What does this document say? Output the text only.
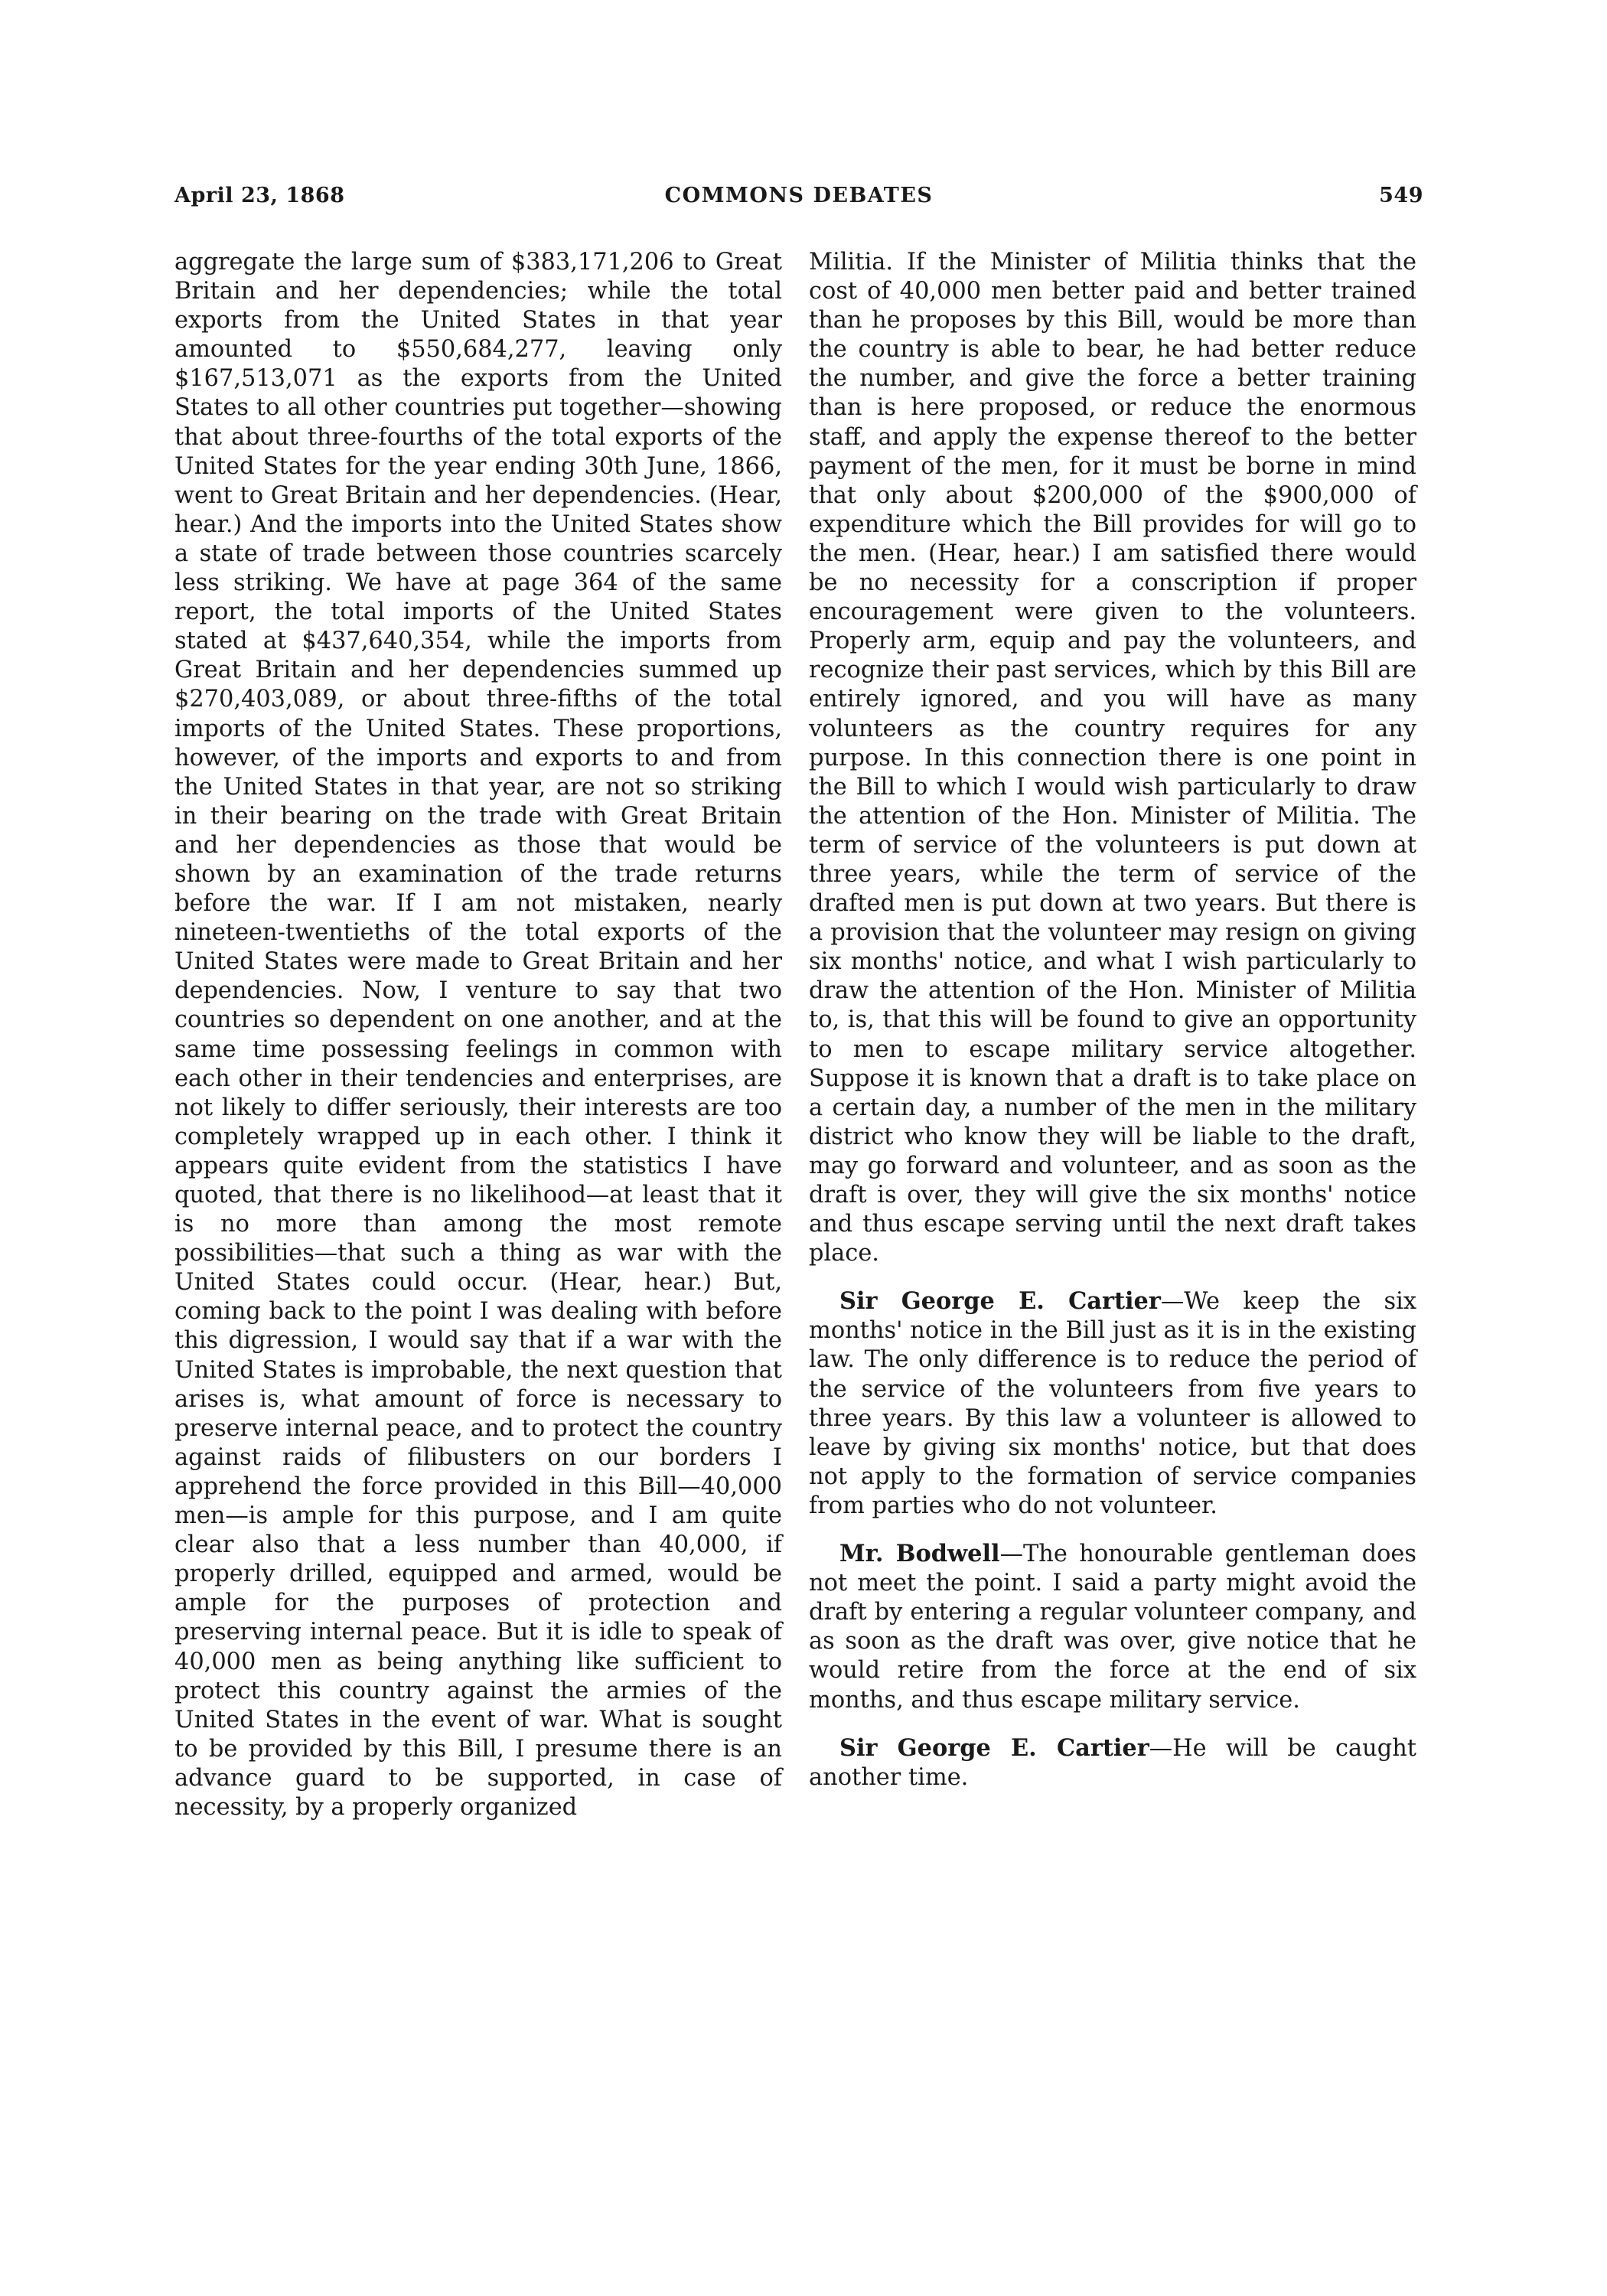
April 23, 1868	COMMONS DEBATES	549

aggregate the large sum of $383,171,206 to Great Britain and her dependencies; while the total exports from the United States in that year amounted to $550,684,277, leaving only $167,513,071 as the exports from the United States to all other countries put together—showing that about three-fourths of the total exports of the United States for the year ending 30th June, 1866, went to Great Britain and her dependencies. (Hear, hear.) And the imports into the United States show a state of trade between those countries scarcely less striking. We have at page 364 of the same report, the total imports of the United States stated at $437,640,354, while the imports from Great Britain and her dependencies summed up $270,403,089, or about three-fifths of the total imports of the United States. These proportions, however, of the imports and exports to and from the United States in that year, are not so striking in their bearing on the trade with Great Britain and her dependencies as those that would be shown by an examination of the trade returns before the war. If I am not mistaken, nearly nineteen-twentieths of the total exports of the United States were made to Great Britain and her dependencies. Now, I venture to say that two countries so dependent on one another, and at the same time possessing feelings in common with each other in their tendencies and enterprises, are not likely to differ seriously, their interests are too completely wrapped up in each other. I think it appears quite evident from the statistics I have quoted, that there is no likelihood—at least that it is no more than among the most remote possibilities—that such a thing as war with the United States could occur. (Hear, hear.) But, coming back to the point I was dealing with before this digression, I would say that if a war with the United States is improbable, the next question that arises is, what amount of force is necessary to preserve internal peace, and to protect the country against raids of filibusters on our borders I apprehend the force provided in this Bill—40,000 men—is ample for this purpose, and I am quite clear also that a less number than 40,000, if properly drilled, equipped and armed, would be ample for the purposes of protection and preserving internal peace. But it is idle to speak of 40,000 men as being anything like sufficient to protect this country against the armies of the United States in the event of war. What is sought to be provided by this Bill, I presume there is an advance guard to be supported, in case of necessity, by a properly organized

Militia. If the Minister of Militia thinks that the cost of 40,000 men better paid and better trained than he proposes by this Bill, would be more than the country is able to bear, he had better reduce the number, and give the force a better training than is here proposed, or reduce the enormous staff, and apply the expense thereof to the better payment of the men, for it must be borne in mind that only about $200,000 of the $900,000 of expenditure which the Bill provides for will go to the men. (Hear, hear.) I am satisfied there would be no necessity for a conscription if proper encouragement were given to the volunteers. Properly arm, equip and pay the volunteers, and recognize their past services, which by this Bill are entirely ignored, and you will have as many volunteers as the country requires for any purpose. In this connection there is one point in the Bill to which I would wish particularly to draw the attention of the Hon. Minister of Militia. The term of service of the volunteers is put down at three years, while the term of service of the drafted men is put down at two years. But there is a provision that the volunteer may resign on giving six months' notice, and what I wish particularly to draw the attention of the Hon. Minister of Militia to, is, that this will be found to give an opportunity to men to escape military service altogether. Suppose it is known that a draft is to take place on a certain day, a number of the men in the military district who know they will be liable to the draft, may go forward and volunteer, and as soon as the draft is over, they will give the six months' notice and thus escape serving until the next draft takes place.

Sir George E. Cartier—We keep the six months' notice in the Bill just as it is in the existing law. The only difference is to reduce the period of the service of the volunteers from five years to three years. By this law a volunteer is allowed to leave by giving six months' notice, but that does not apply to the formation of service companies from parties who do not volunteer.

Mr. Bodwell—The honourable gentleman does not meet the point. I said a party might avoid the draft by entering a regular volunteer company, and as soon as the draft was over, give notice that he would retire from the force at the end of six months, and thus escape military service.

Sir George E. Cartier—He will be caught another time.
